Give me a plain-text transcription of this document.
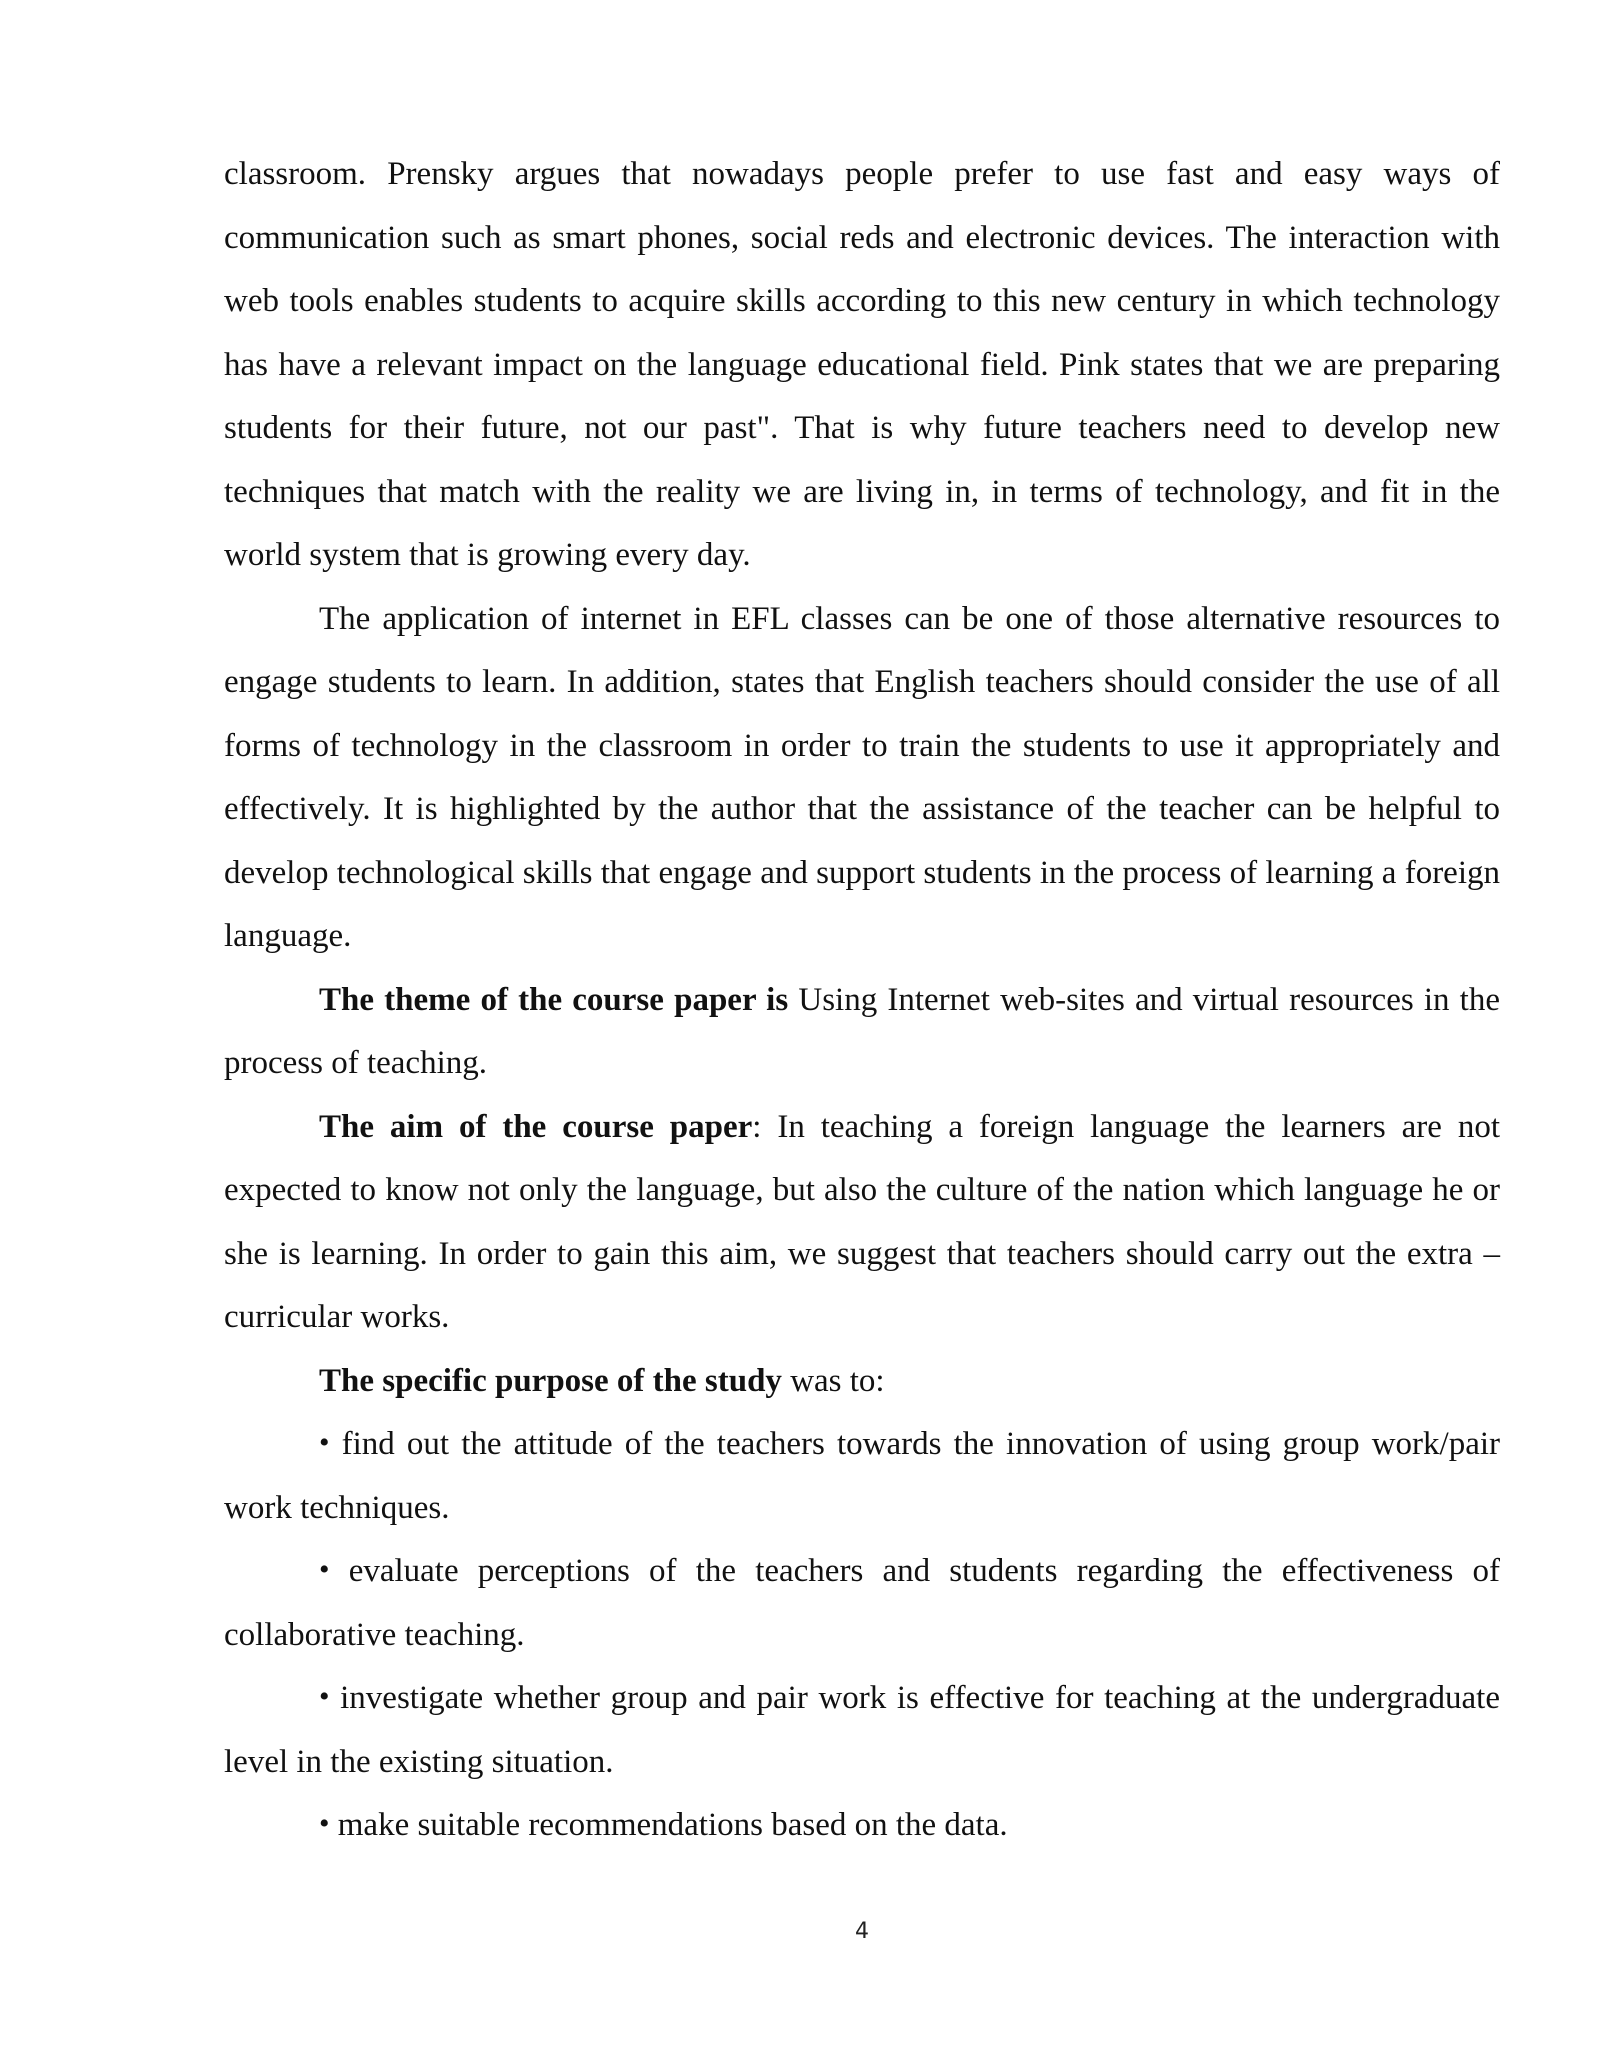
classroom. Prensky argues that nowadays people prefer to use fast and easy ways of communication such as smart phones, social reds and electronic devices. The interaction with web tools enables students to acquire skills according to this new century in which technology has have a relevant impact on the language educational field. Pink states that we are preparing students for their future, not our past". That is why future teachers need to develop new techniques that match with the reality we are living in, in terms of technology, and fit in the world system that is growing every day.

The application of internet in EFL classes can be one of those alternative resources to engage students to learn. In addition, states that English teachers should consider the use of all forms of technology in the classroom in order to train the students to use it appropriately and effectively. It is highlighted by the author that the assistance of the teacher can be helpful to develop technological skills that engage and support students in the process of learning a foreign language.

The theme of the course paper is Using Internet web-sites and virtual resources in the process of teaching.

The aim of the course paper: In teaching a foreign language the learners are not expected to know not only the language, but also the culture of the nation which language he or she is learning. In order to gain this aim, we suggest that teachers should carry out the extra – curricular works.

The specific purpose of the study was to:

• find out the attitude of the teachers towards the innovation of using group work/pair work techniques.

• evaluate perceptions of the teachers and students regarding the effectiveness of collaborative teaching.

• investigate whether group and pair work is effective for teaching at the undergraduate level in the existing situation.

• make suitable recommendations based on the data.

4
